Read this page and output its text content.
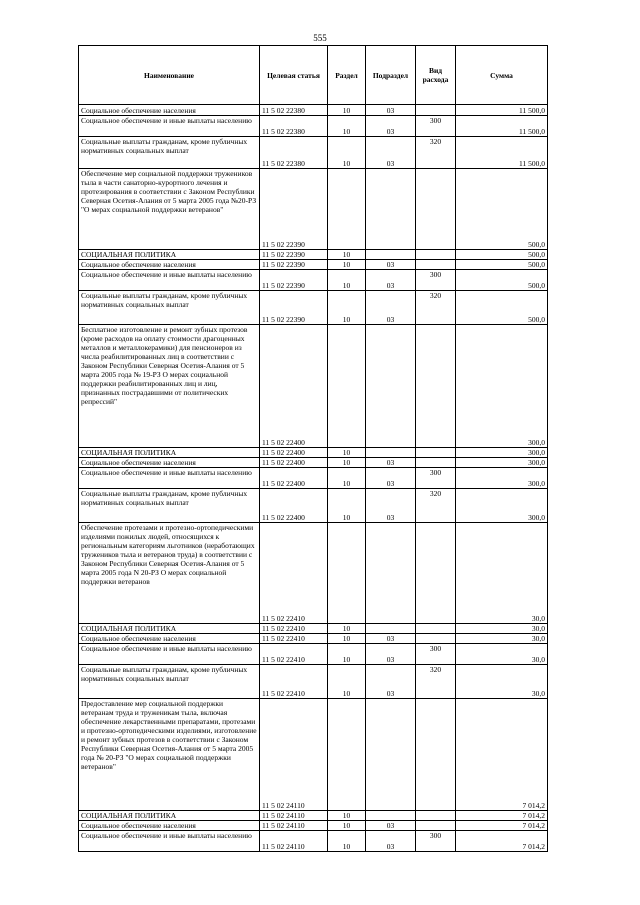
555
Наименование	Целевая статья	Раздел	Подраздел	Вид расхода	Сумма
Социальное обеспечение населения	11 5 02 22380	10	03		11 500,0
Социальное обеспечение и иные выплаты населению	11 5 02 22380	10	03	300	11 500,0
Социальные выплаты гражданам, кроме публичных нормативных социальных выплат	11 5 02 22380	10	03	320	11 500,0
Обеспечение мер социальной поддержки тружеников тыла в части санаторно-курортного лечения и протезирования в соответствии с Законом Республики Северная Осетия-Алания от 5 марта 2005 года №20-РЗ "О мерах социальной поддержки ветеранов"	11 5 02 22390				500,0
СОЦИАЛЬНАЯ ПОЛИТИКА	11 5 02 22390	10			500,0
Социальное обеспечение населения	11 5 02 22390	10	03		500,0
Социальное обеспечение и иные выплаты населению	11 5 02 22390	10	03	300	500,0
Социальные выплаты гражданам, кроме публичных нормативных социальных выплат	11 5 02 22390	10	03	320	500,0
Бесплатное изготовление и ремонт зубных протезов (кроме расходов на оплату стоимости драгоценных металлов и металлокерамики) для пенсионеров из числа реабилитированных лиц в соответствии с Законом Республики Северная Осетия-Алания от 5 марта 2005 года № 19-РЗ О мерах социальной поддержки реабилитированных лиц и лиц, признанных пострадавшими от политических репрессий"	11 5 02 22400				300,0
СОЦИАЛЬНАЯ ПОЛИТИКА	11 5 02 22400	10			300,0
Социальное обеспечение населения	11 5 02 22400	10	03		300,0
Социальное обеспечение и иные выплаты населению	11 5 02 22400	10	03	300	300,0
Социальные выплаты гражданам, кроме публичных нормативных социальных выплат	11 5 02 22400	10	03	320	300,0
Обеспечение протезами и протезно-ортопедическими изделиями пожилых людей, относящихся к региональным категориям льготников (неработающих тружеников тыла и ветеранов труда) в соответствии с Законом Республики Северная Осетия-Алания от 5 марта 2005 года N 20-РЗ О мерах социальной поддержки ветеранов	11 5 02 22410				30,0
СОЦИАЛЬНАЯ ПОЛИТИКА	11 5 02 22410	10			30,0
Социальное обеспечение населения	11 5 02 22410	10	03		30,0
Социальное обеспечение и иные выплаты населению	11 5 02 22410	10	03	300	30,0
Социальные выплаты гражданам, кроме публичных нормативных социальных выплат	11 5 02 22410	10	03	320	30,0
Предоставление мер социальной поддержки ветеранам труда и труженикам тыла, включая обеспечение лекарственными препаратами, протезами и протезно-ортопедическими изделиями, изготовление и ремонт зубных протезов в соответствии с Законом Республики Северная Осетия-Алания от 5 марта 2005 года № 20-РЗ "О мерах социальной поддержки ветеранов"	11 5 02 24110				7 014,2
СОЦИАЛЬНАЯ ПОЛИТИКА	11 5 02 24110	10			7 014,2
Социальное обеспечение населения	11 5 02 24110	10	03		7 014,2
Социальное обеспечение и иные выплаты населению	11 5 02 24110	10	03	300	7 014,2
